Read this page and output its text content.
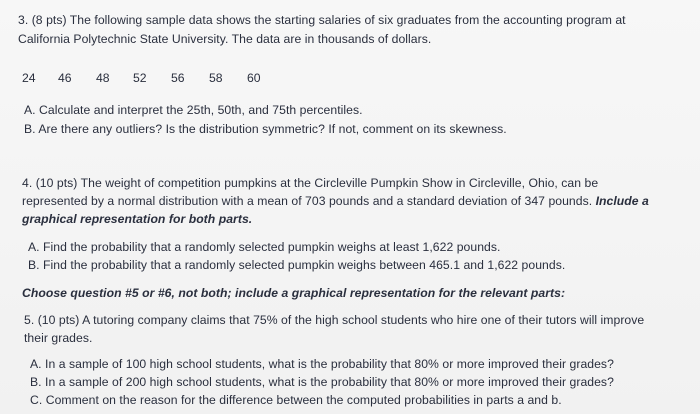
3. (8 pts) The following sample data shows the starting salaries of six graduates from the accounting program at
California Polytechnic State University. The data are in thousands of dollars.
24 46 48 52 56 58 60
A. Calculate and interpret the 25th, 50th, and 75th percentiles.
B. Are there any outliers? Is the distribution symmetric? If not, comment on its skewness.
4. (10 pts) The weight of competition pumpkins at the Circleville Pumpkin Show in Circleville, Ohio, can be
represented by a normal distribution with a mean of 703 pounds and a standard deviation of 347 pounds. Include a
graphical representation for both parts.
A. Find the probability that a randomly selected pumpkin weighs at least 1,622 pounds.
B. Find the probability that a randomly selected pumpkin weighs between 465.1 and 1,622 pounds.
Choose question #5 or #6, not both; include a graphical representation for the relevant parts:
5. (10 pts) A tutoring company claims that 75% of the high school students who hire one of their tutors will improve
their grades.
A. In a sample of 100 high school students, what is the probability that 80% or more improved their grades?
B. In a sample of 200 high school students, what is the probability that 80% or more improved their grades?
C. Comment on the reason for the difference between the computed probabilities in parts a and b.
